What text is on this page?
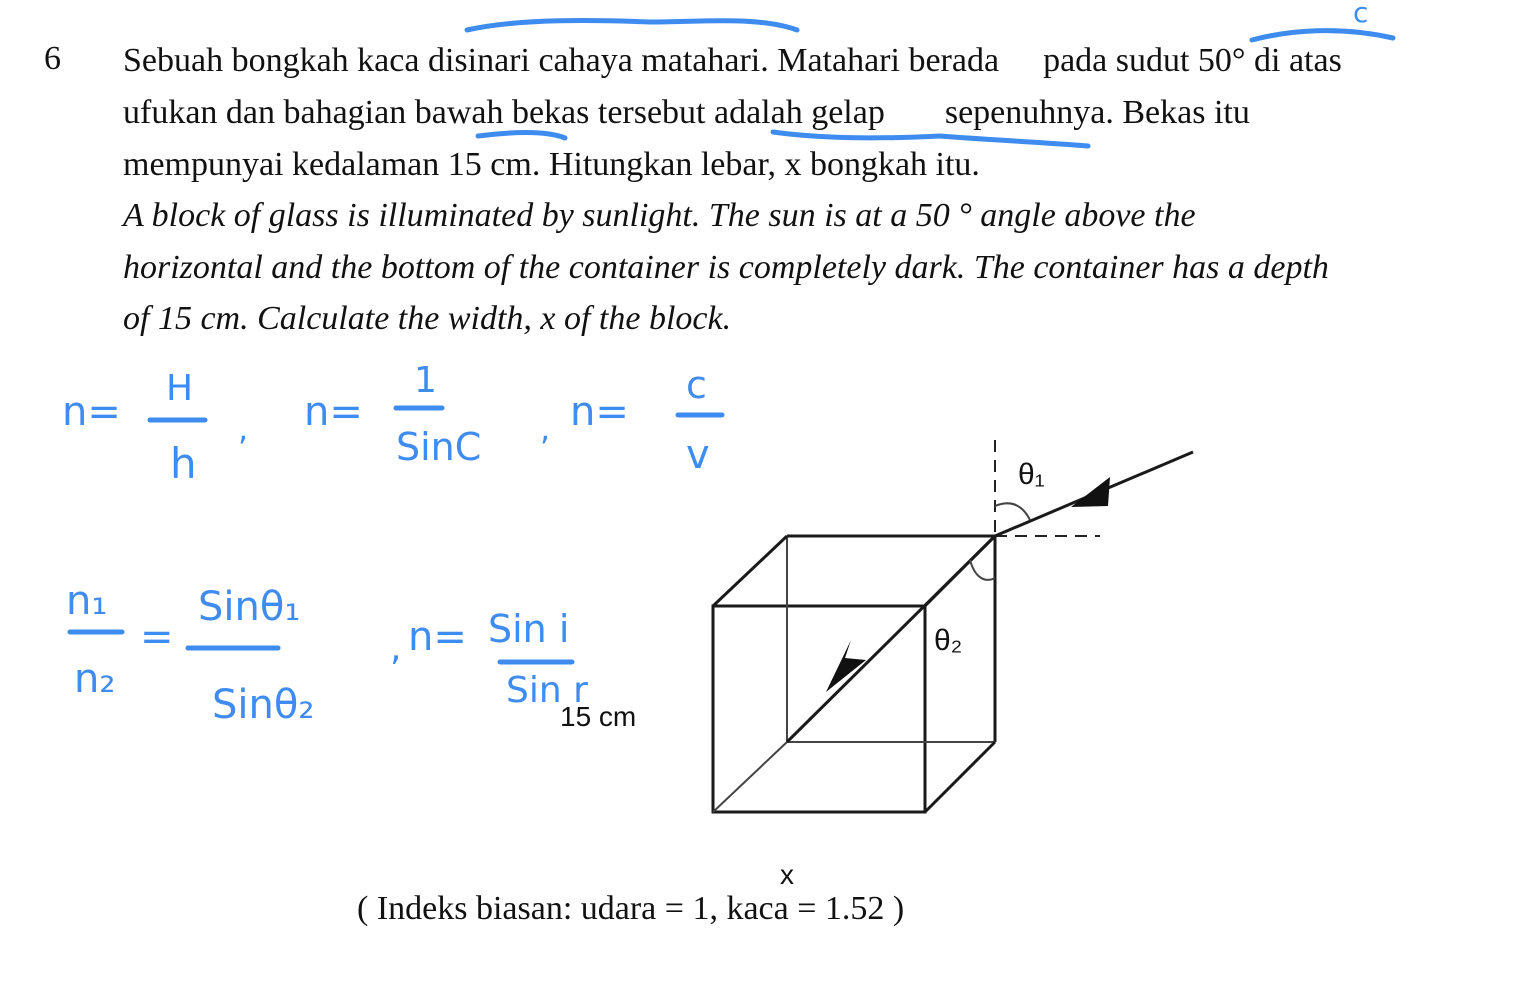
6 Sebuah bongkah kaca disinari cahaya matahari. Matahari berada pada sudut 50° di atas
ufukan dan bahagian bawah bekas tersebut adalah gelap sepenuhnya. Bekas itu
mempunyai kedalaman 15 cm. Hitungkan lebar, x bongkah itu.
A block of glass is illuminated by sunlight. The sun is at a 50 ° angle above the
horizontal and the bottom of the container is completely dark. The container has a depth
of 15 cm. Calculate the width, x of the block.
θ₁
θ₂
15 cm
x
c
n=
H
h
, n=
1
SinC , n=
c
v
n₁
n₂
=
Sinθ₁
Sinθ₂
, n= Sin i
Sin r
( Indeks biasan: udara = 1, kaca = 1.52 )
